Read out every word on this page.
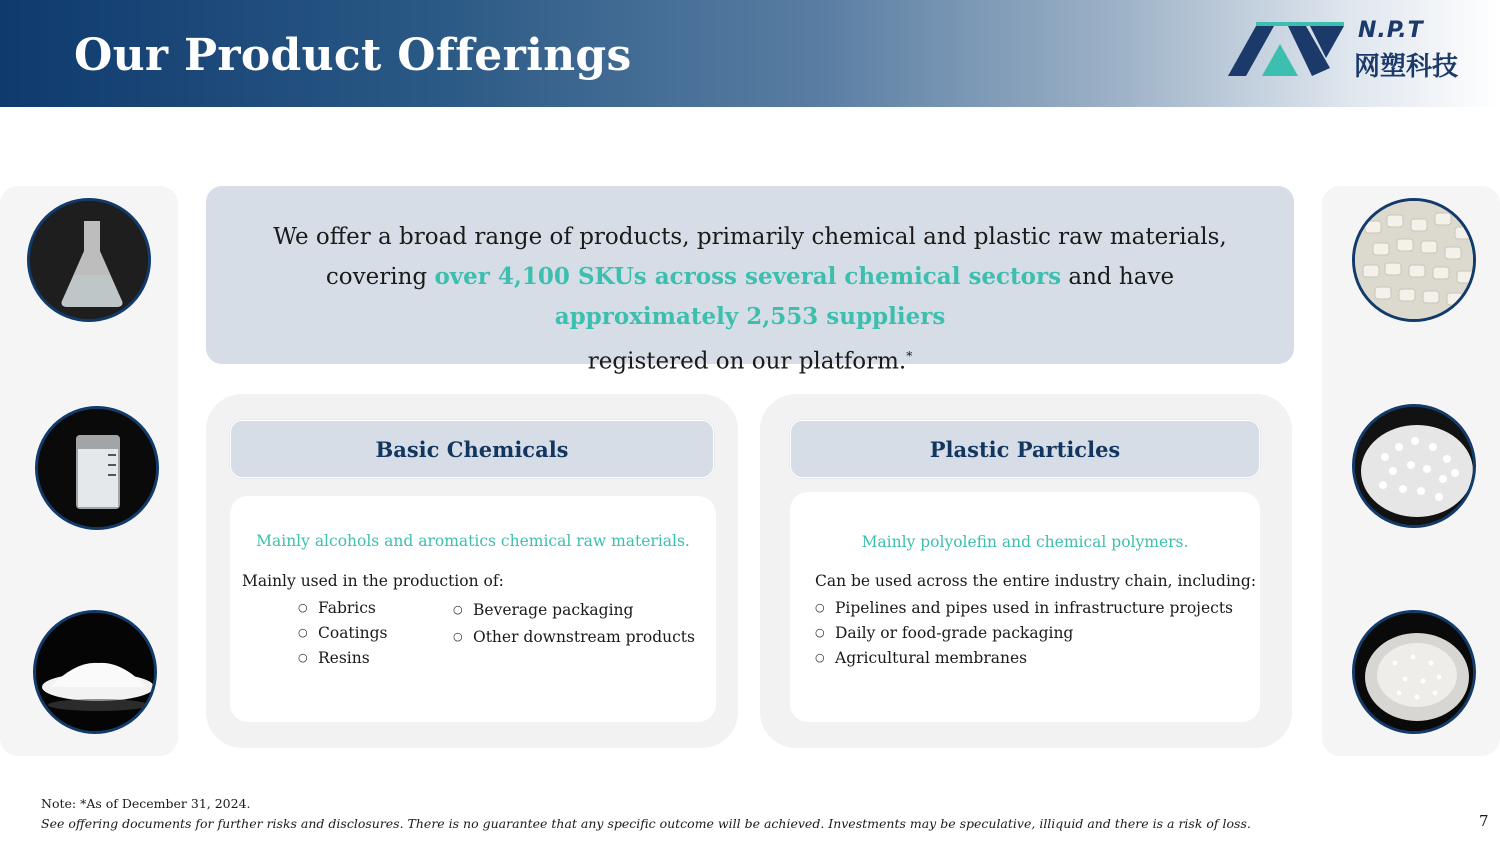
Our Product Offerings	N.P.T
网塑科技
We offer a broad range of products, primarily chemical and plastic raw materials, covering over 4,100 SKUs across several chemical sectors and have approximately 2,553 suppliers
registered on our platform.*
Basic Chemicals
Mainly alcohols and aromatics chemical raw materials.
Mainly used in the production of:
○ Fabrics
○ Coatings
○ Resins
○ Beverage packaging
○ Other downstream products
Plastic Particles
Mainly polyolefin and chemical polymers.
Can be used across the entire industry chain, including:
○ Pipelines and pipes used in infrastructure projects
○ Daily or food-grade packaging
○ Agricultural membranes
Note: *As of December 31, 2024.
See offering documents for further risks and disclosures. There is no guarantee that any specific outcome will be achieved. Investments may be speculative, illiquid and there is a risk of loss.	7
